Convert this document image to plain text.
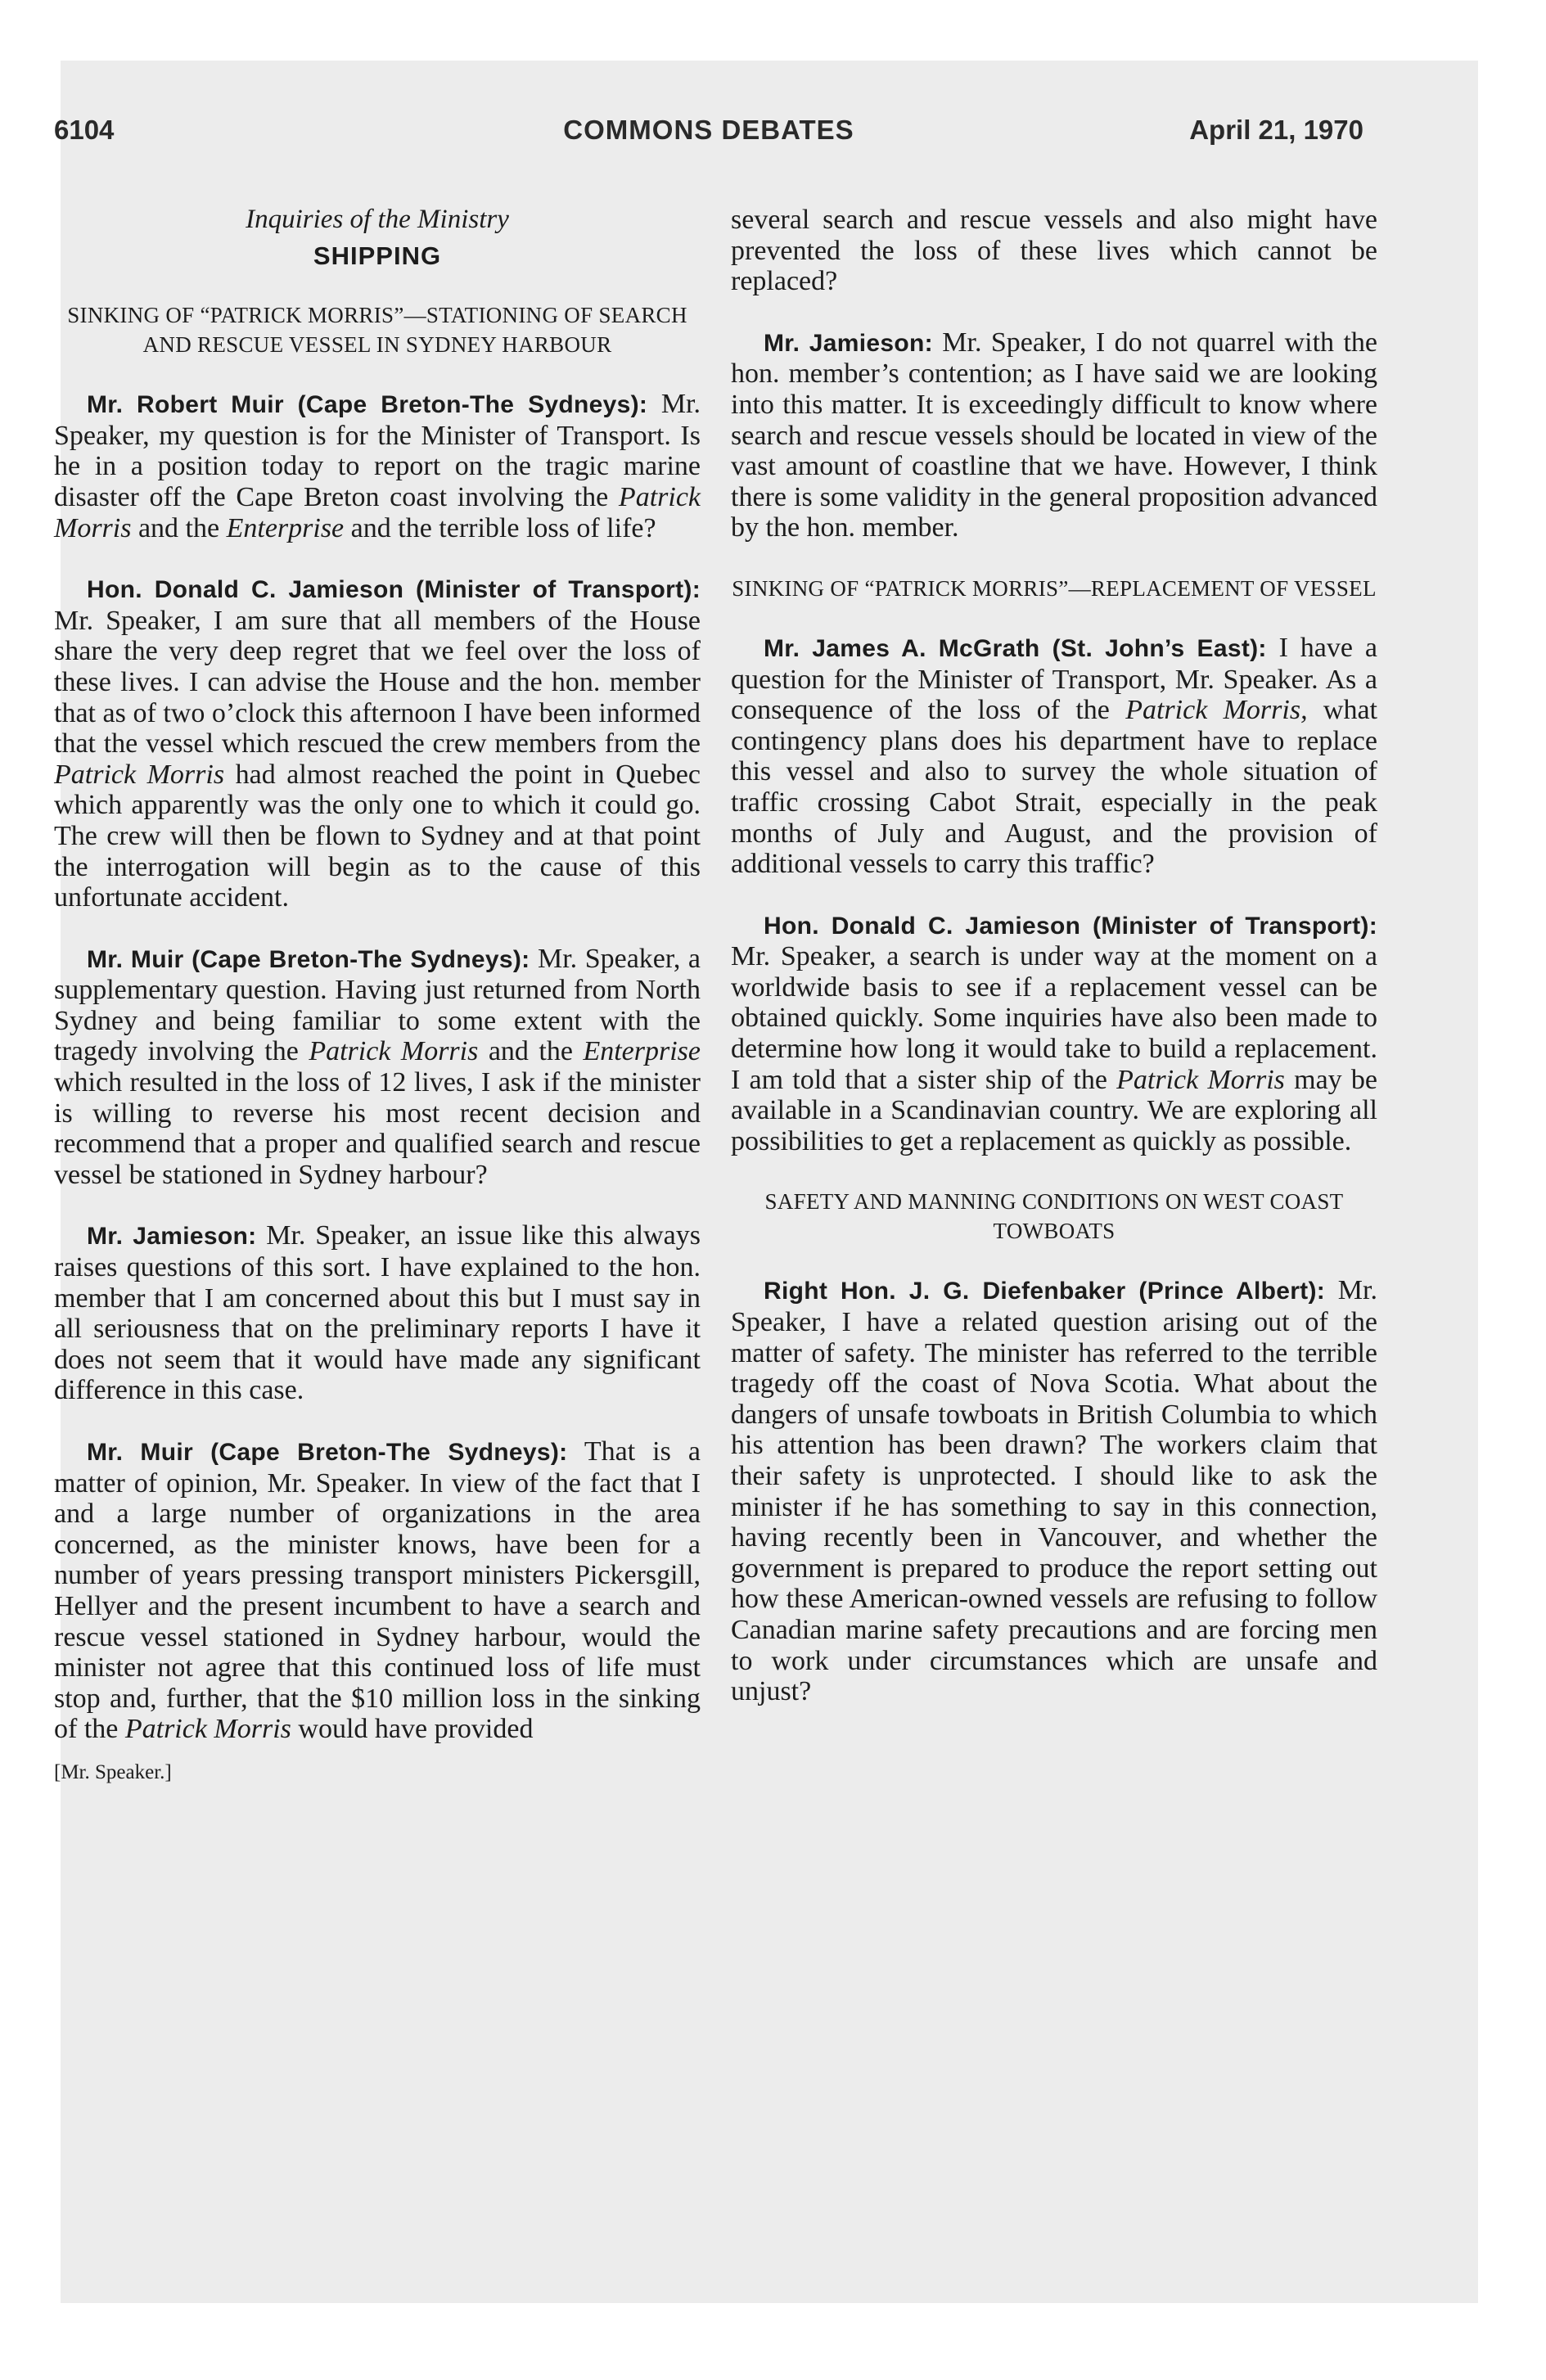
6104	COMMONS DEBATES	April 21, 1970
Inquiries of the Ministry
SHIPPING
SINKING OF “PATRICK MORRIS”—STATIONING OF SEARCH AND RESCUE VESSEL IN SYDNEY HARBOUR

Mr. Robert Muir (Cape Breton-The Sydneys): Mr. Speaker, my question is for the Minister of Transport. Is he in a position today to report on the tragic marine disaster off the Cape Breton coast involving the Patrick Morris and the Enterprise and the terrible loss of life?

Hon. Donald C. Jamieson (Minister of Transport): Mr. Speaker, I am sure that all members of the House share the very deep regret that we feel over the loss of these lives. I can advise the House and the hon. member that as of two o’clock this afternoon I have been informed that the vessel which rescued the crew members from the Patrick Morris had almost reached the point in Quebec which apparently was the only one to which it could go. The crew will then be flown to Sydney and at that point the interrogation will begin as to the cause of this unfortunate accident.

Mr. Muir (Cape Breton-The Sydneys): Mr. Speaker, a supplementary question. Having just returned from North Sydney and being familiar to some extent with the tragedy involving the Patrick Morris and the Enterprise which resulted in the loss of 12 lives, I ask if the minister is willing to reverse his most recent decision and recommend that a proper and qualified search and rescue vessel be stationed in Sydney harbour?

Mr. Jamieson: Mr. Speaker, an issue like this always raises questions of this sort. I have explained to the hon. member that I am concerned about this but I must say in all seriousness that on the preliminary reports I have it does not seem that it would have made any significant difference in this case.

Mr. Muir (Cape Breton-The Sydneys): That is a matter of opinion, Mr. Speaker. In view of the fact that I and a large number of organizations in the area concerned, as the minister knows, have been for a number of years pressing transport ministers Pickersgill, Hellyer and the present incumbent to have a search and rescue vessel stationed in Sydney harbour, would the minister not agree that this continued loss of life must stop and, further, that the $10 million loss in the sinking of the Patrick Morris would have provided

[Mr. Speaker.]

several search and rescue vessels and also might have prevented the loss of these lives which cannot be replaced?

Mr. Jamieson: Mr. Speaker, I do not quarrel with the hon. member’s contention; as I have said we are looking into this matter. It is exceedingly difficult to know where search and rescue vessels should be located in view of the vast amount of coastline that we have. However, I think there is some validity in the general proposition advanced by the hon. member.

SINKING OF “PATRICK MORRIS”—REPLACEMENT OF VESSEL

Mr. James A. McGrath (St. John’s East): I have a question for the Minister of Transport, Mr. Speaker. As a consequence of the loss of the Patrick Morris, what contingency plans does his department have to replace this vessel and also to survey the whole situation of traffic crossing Cabot Strait, especially in the peak months of July and August, and the provision of additional vessels to carry this traffic?

Hon. Donald C. Jamieson (Minister of Transport): Mr. Speaker, a search is under way at the moment on a worldwide basis to see if a replacement vessel can be obtained quickly. Some inquiries have also been made to determine how long it would take to build a replacement. I am told that a sister ship of the Patrick Morris may be available in a Scandinavian country. We are exploring all possibilities to get a replacement as quickly as possible.

SAFETY AND MANNING CONDITIONS ON WEST COAST TOWBOATS

Right Hon. J. G. Diefenbaker (Prince Albert): Mr. Speaker, I have a related question arising out of the matter of safety. The minister has referred to the terrible tragedy off the coast of Nova Scotia. What about the dangers of unsafe towboats in British Columbia to which his attention has been drawn? The workers claim that their safety is unprotected. I should like to ask the minister if he has something to say in this connection, having recently been in Vancouver, and whether the government is prepared to produce the report setting out how these American-owned vessels are refusing to follow Canadian marine safety precautions and are forcing men to work under circumstances which are unsafe and unjust?
